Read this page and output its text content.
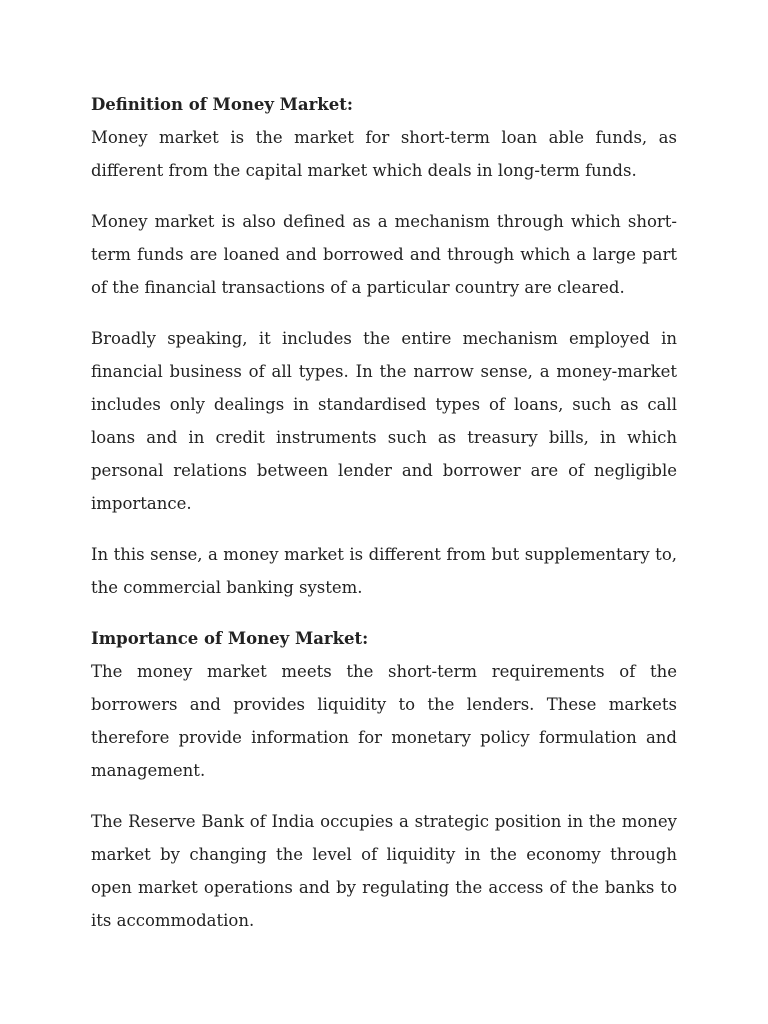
Definition of Money Market:

Money market is the market for short-term loan able funds, as different from the capital market which deals in long-term funds.

Money market is also defined as a mechanism through which short-term funds are loaned and borrowed and through which a large part of the financial transactions of a particular country are cleared.

Broadly speaking, it includes the entire mechanism employed in financial business of all types. In the narrow sense, a money-market includes only dealings in standardised types of loans, such as call loans and in credit instruments such as treasury bills, in which personal relations between lender and borrower are of negligible importance.

In this sense, a money market is different from but supplementary to, the commercial banking system.

Importance of Money Market:

The money market meets the short-term requirements of the borrowers and provides liquidity to the lenders. These markets therefore provide information for monetary policy formulation and management.

The Reserve Bank of India occupies a strategic position in the money market by changing the level of liquidity in the economy through open market operations and by regulating the access of the banks to its accommodation.
